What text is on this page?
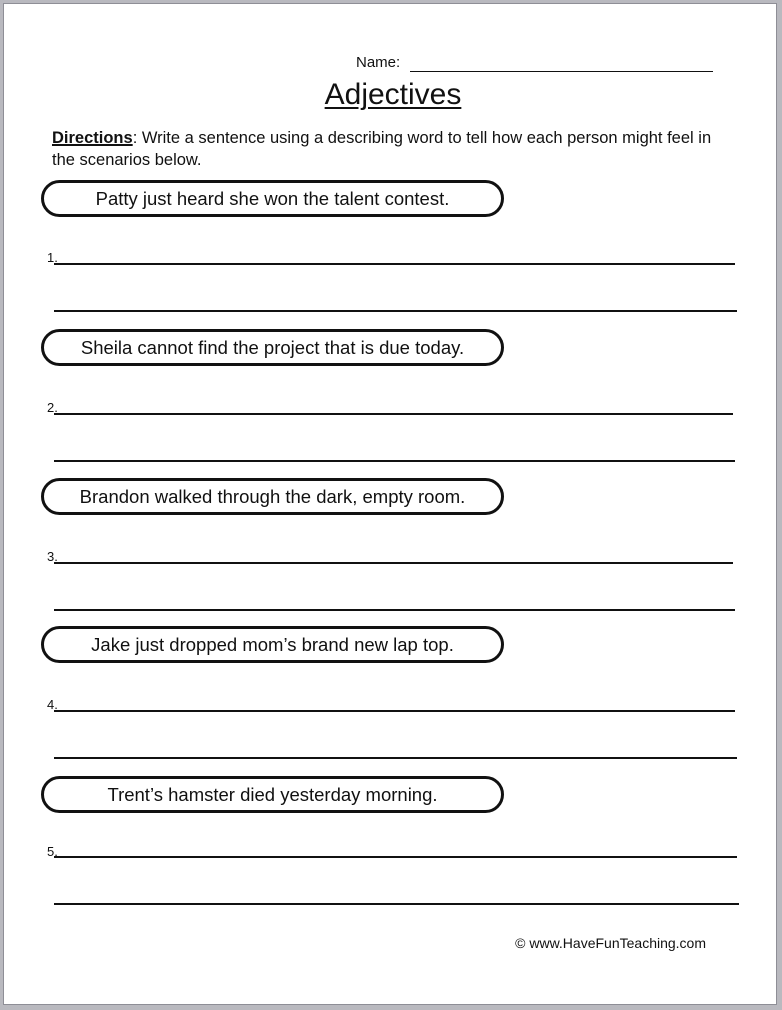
Name:
Adjectives
Directions: Write a sentence using a describing word to tell how each person might feel in the scenarios below.
Patty just heard she won the talent contest.
1.
Sheila cannot find the project that is due today.
2.
Brandon walked through the dark, empty room.
3.
Jake just dropped mom’s brand new lap top.
4.
Trent’s hamster died yesterday morning.
5.
© www.HaveFunTeaching.com
